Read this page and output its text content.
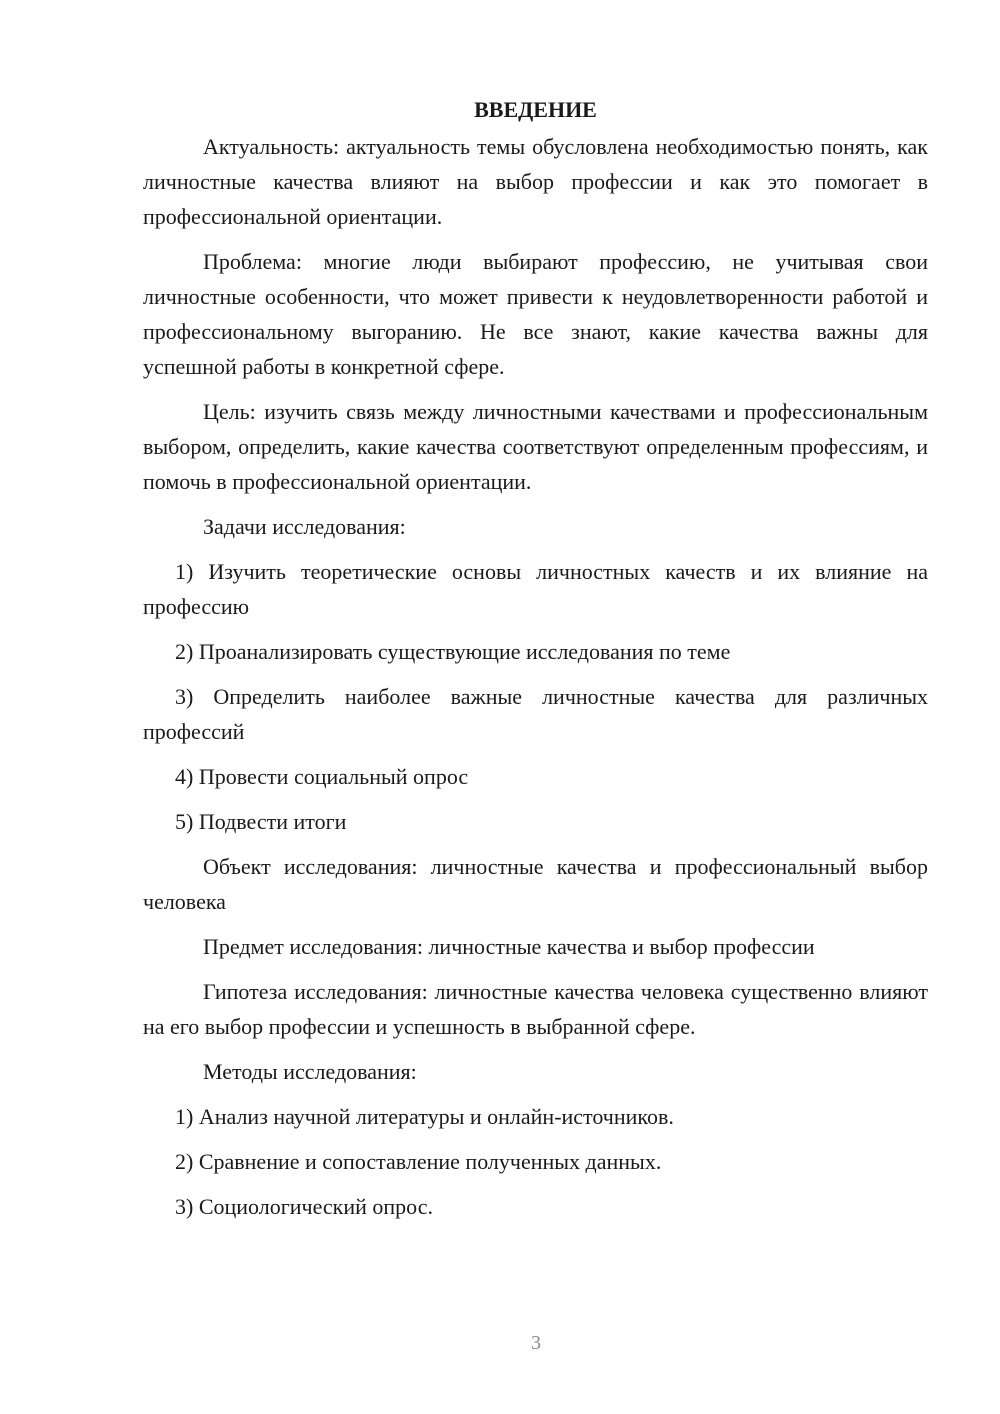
ВВЕДЕНИЕ

Актуальность: актуальность темы обусловлена необходимостью понять, как личностные качества влияют на выбор профессии и как это помогает в профессиональной ориентации.

Проблема: многие люди выбирают профессию, не учитывая свои личностные особенности, что может привести к неудовлетворенности работой и профессиональному выгоранию. Не все знают, какие качества важны для успешной работы в конкретной сфере.

Цель: изучить связь между личностными качествами и профессиональным выбором, определить, какие качества соответствуют определенным профессиям, и помочь в профессиональной ориентации.

Задачи исследования:

1) Изучить теоретические основы личностных качеств и их влияние на профессию

2) Проанализировать существующие исследования по теме

3) Определить наиболее важные личностные качества для различных профессий

4) Провести социальный опрос

5) Подвести итоги

Объект исследования: личностные качества и профессиональный выбор человека

Предмет исследования: личностные качества и выбор профессии

Гипотеза исследования: личностные качества человека существенно влияют на его выбор профессии и успешность в выбранной сфере.

Методы исследования:

1) Анализ научной литературы и онлайн-источников.

2) Сравнение и сопоставление полученных данных.

3) Социологический опрос.

3
